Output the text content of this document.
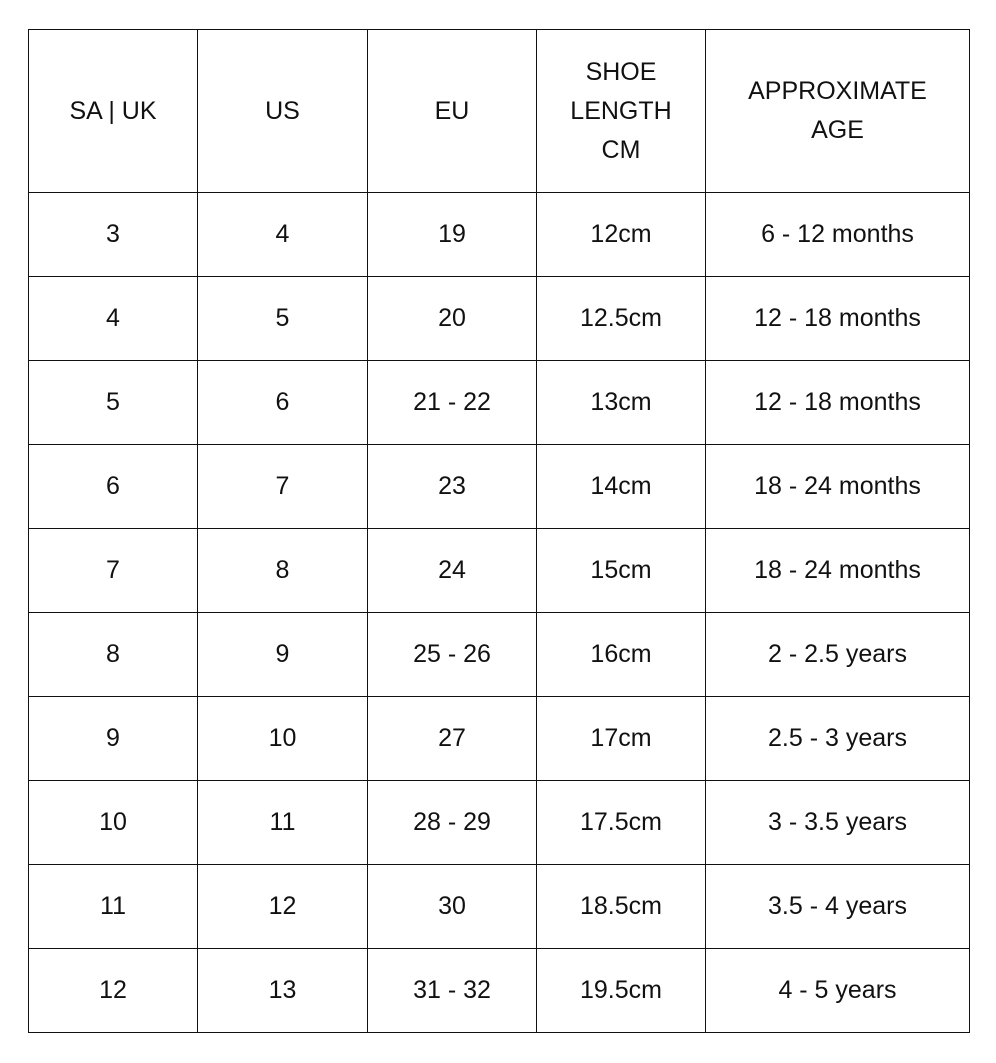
SA | UK	US	EU	SHOE LENGTH CM	APPROXIMATE AGE
3	4	19	12cm	6 - 12 months
4	5	20	12.5cm	12 - 18 months
5	6	21 - 22	13cm	12 - 18 months
6	7	23	14cm	18 - 24 months
7	8	24	15cm	18 - 24 months
8	9	25 - 26	16cm	2 - 2.5 years
9	10	27	17cm	2.5 - 3 years
10	11	28 - 29	17.5cm	3 - 3.5 years
11	12	30	18.5cm	3.5 - 4 years
12	13	31 - 32	19.5cm	4 - 5 years
